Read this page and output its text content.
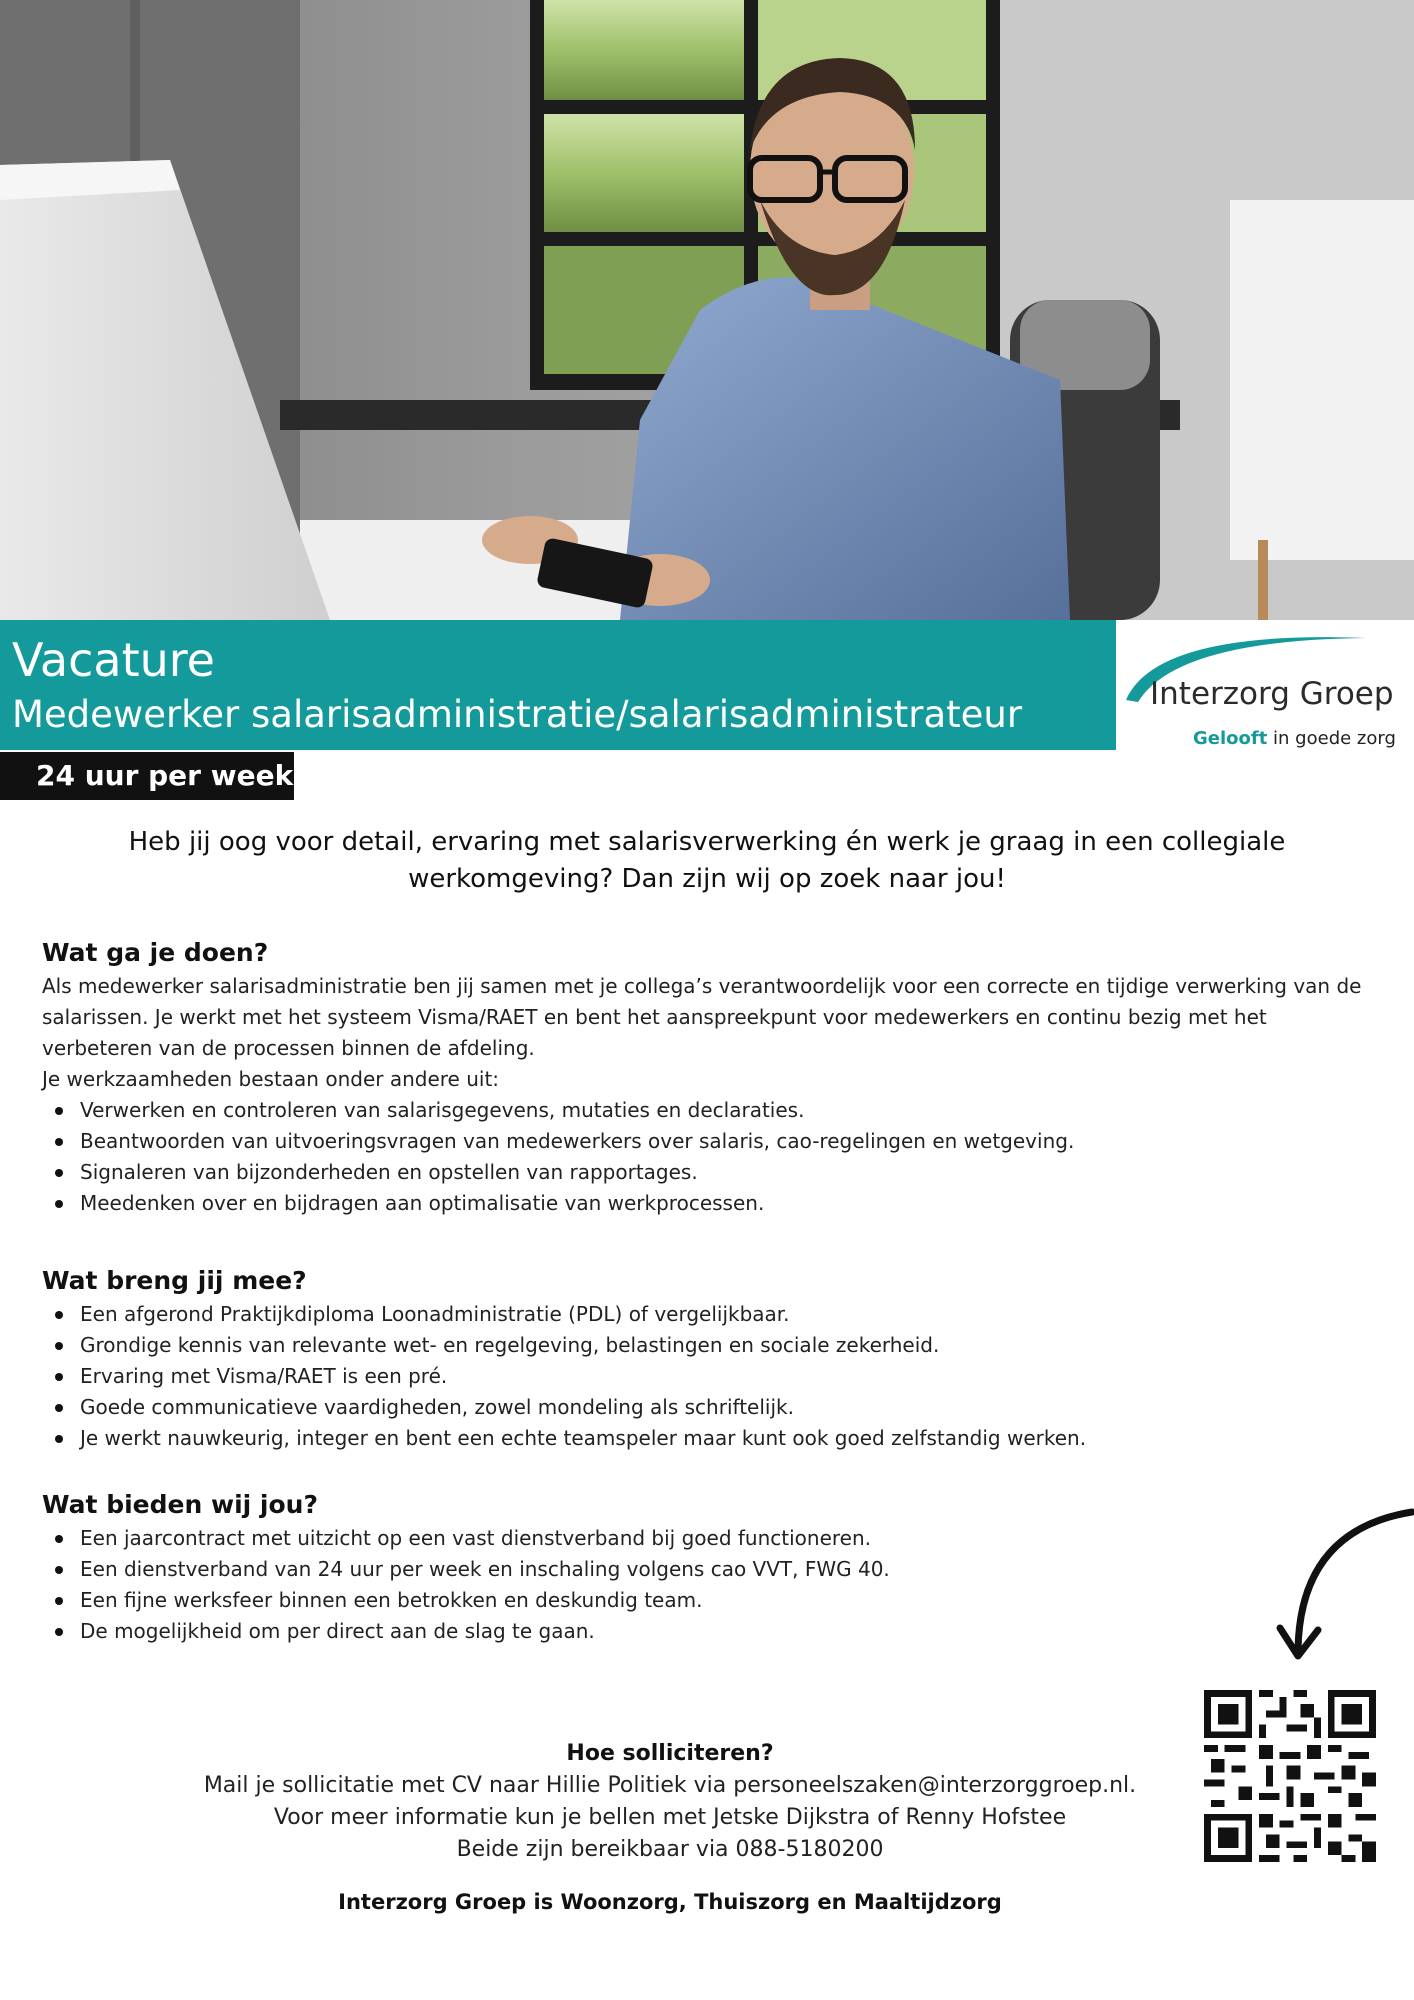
Vacature
Medewerker salarisadministratie/salarisadministrateur
24 uur per week
Interzorg Groep
Gelooft in goede zorg
Heb jij oog voor detail, ervaring met salarisverwerking én werk je graag in een collegiale werkomgeving? Dan zijn wij op zoek naar jou!
Wat ga je doen?

Als medewerker salarisadministratie ben jij samen met je collega’s verantwoordelijk voor een correcte en tijdige verwerking van de salarissen. Je werkt met het systeem Visma/RAET en bent het aanspreekpunt voor medewerkers en continu bezig met het verbeteren van de processen binnen de afdeling.

Je werkzaamheden bestaan onder andere uit:

Verwerken en controleren van salarisgegevens, mutaties en declaraties.
Beantwoorden van uitvoeringsvragen van medewerkers over salaris, cao-regelingen en wetgeving.
Signaleren van bijzonderheden en opstellen van rapportages.
Meedenken over en bijdragen aan optimalisatie van werkprocessen.
Wat breng jij mee?
Een afgerond Praktijkdiploma Loonadministratie (PDL) of vergelijkbaar.
Grondige kennis van relevante wet- en regelgeving, belastingen en sociale zekerheid.
Ervaring met Visma/RAET is een pré.
Goede communicatieve vaardigheden, zowel mondeling als schriftelijk.
Je werkt nauwkeurig, integer en bent een echte teamspeler maar kunt ook goed zelfstandig werken.
Wat bieden wij jou?
Een jaarcontract met uitzicht op een vast dienstverband bij goed functioneren.
Een dienstverband van 24 uur per week en inschaling volgens cao VVT, FWG 40.
Een fijne werksfeer binnen een betrokken en deskundig team.
De mogelijkheid om per direct aan de slag te gaan.
Hoe solliciteren?
Mail je sollicitatie met CV naar Hillie Politiek via personeelszaken@interzorggroep.nl.
Voor meer informatie kun je bellen met Jetske Dijkstra of Renny Hofstee
Beide zijn bereikbaar via 088-5180200
Interzorg Groep is Woonzorg, Thuiszorg en Maaltijdzorg
